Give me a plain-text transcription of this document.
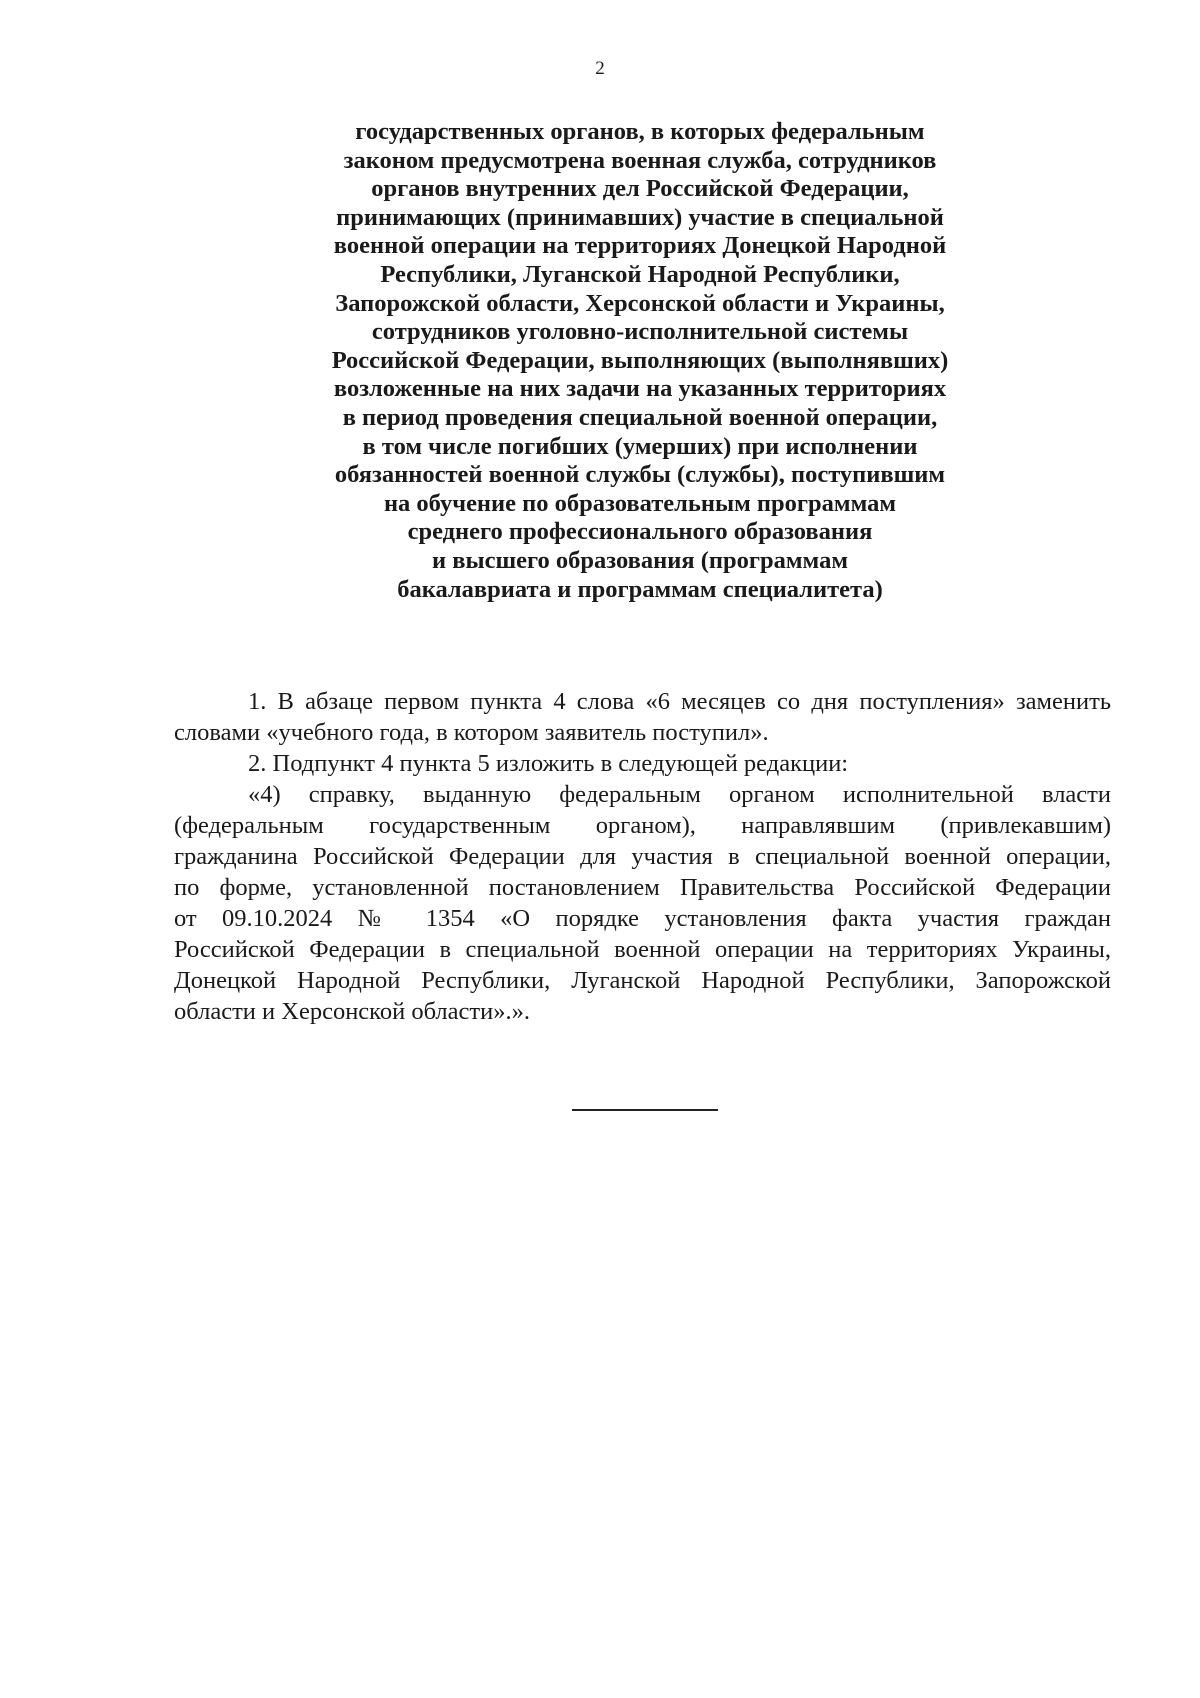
2
государственных органов, в которых федеральным
законом предусмотрена военная служба, сотрудников
органов внутренних дел Российской Федерации,
принимающих (принимавших) участие в специальной
военной операции на территориях Донецкой Народной
Республики, Луганской Народной Республики,
Запорожской области, Херсонской области и Украины,
сотрудников уголовно-исполнительной системы
Российской Федерации, выполняющих (выполнявших)
возложенные на них задачи на указанных территориях
в период проведения специальной военной операции,
в том числе погибших (умерших) при исполнении
обязанностей военной службы (службы), поступившим
на обучение по образовательным программам
среднего профессионального образования
и высшего образования (программам
бакалавриата и программам специалитета)

1. В абзаце первом пункта 4 слова «6 месяцев со дня поступления» заменить словами «учебного года, в котором заявитель поступил».

2. Подпункт 4 пункта 5 изложить в следующей редакции:

«4) справку, выданную федеральным органом исполнительной власти
(федеральным государственным органом), направлявшим (привлекавшим)
гражданина Российской Федерации для участия в специальной военной операции,
по форме, установленной постановлением Правительства Российской Федерации
от 09.10.2024 № 1354 «О порядке установления факта участия граждан
Российской Федерации в специальной военной операции на территориях Украины,
Донецкой Народной Республики, Луганской Народной Республики, Запорожской
области и Херсонской области».».
